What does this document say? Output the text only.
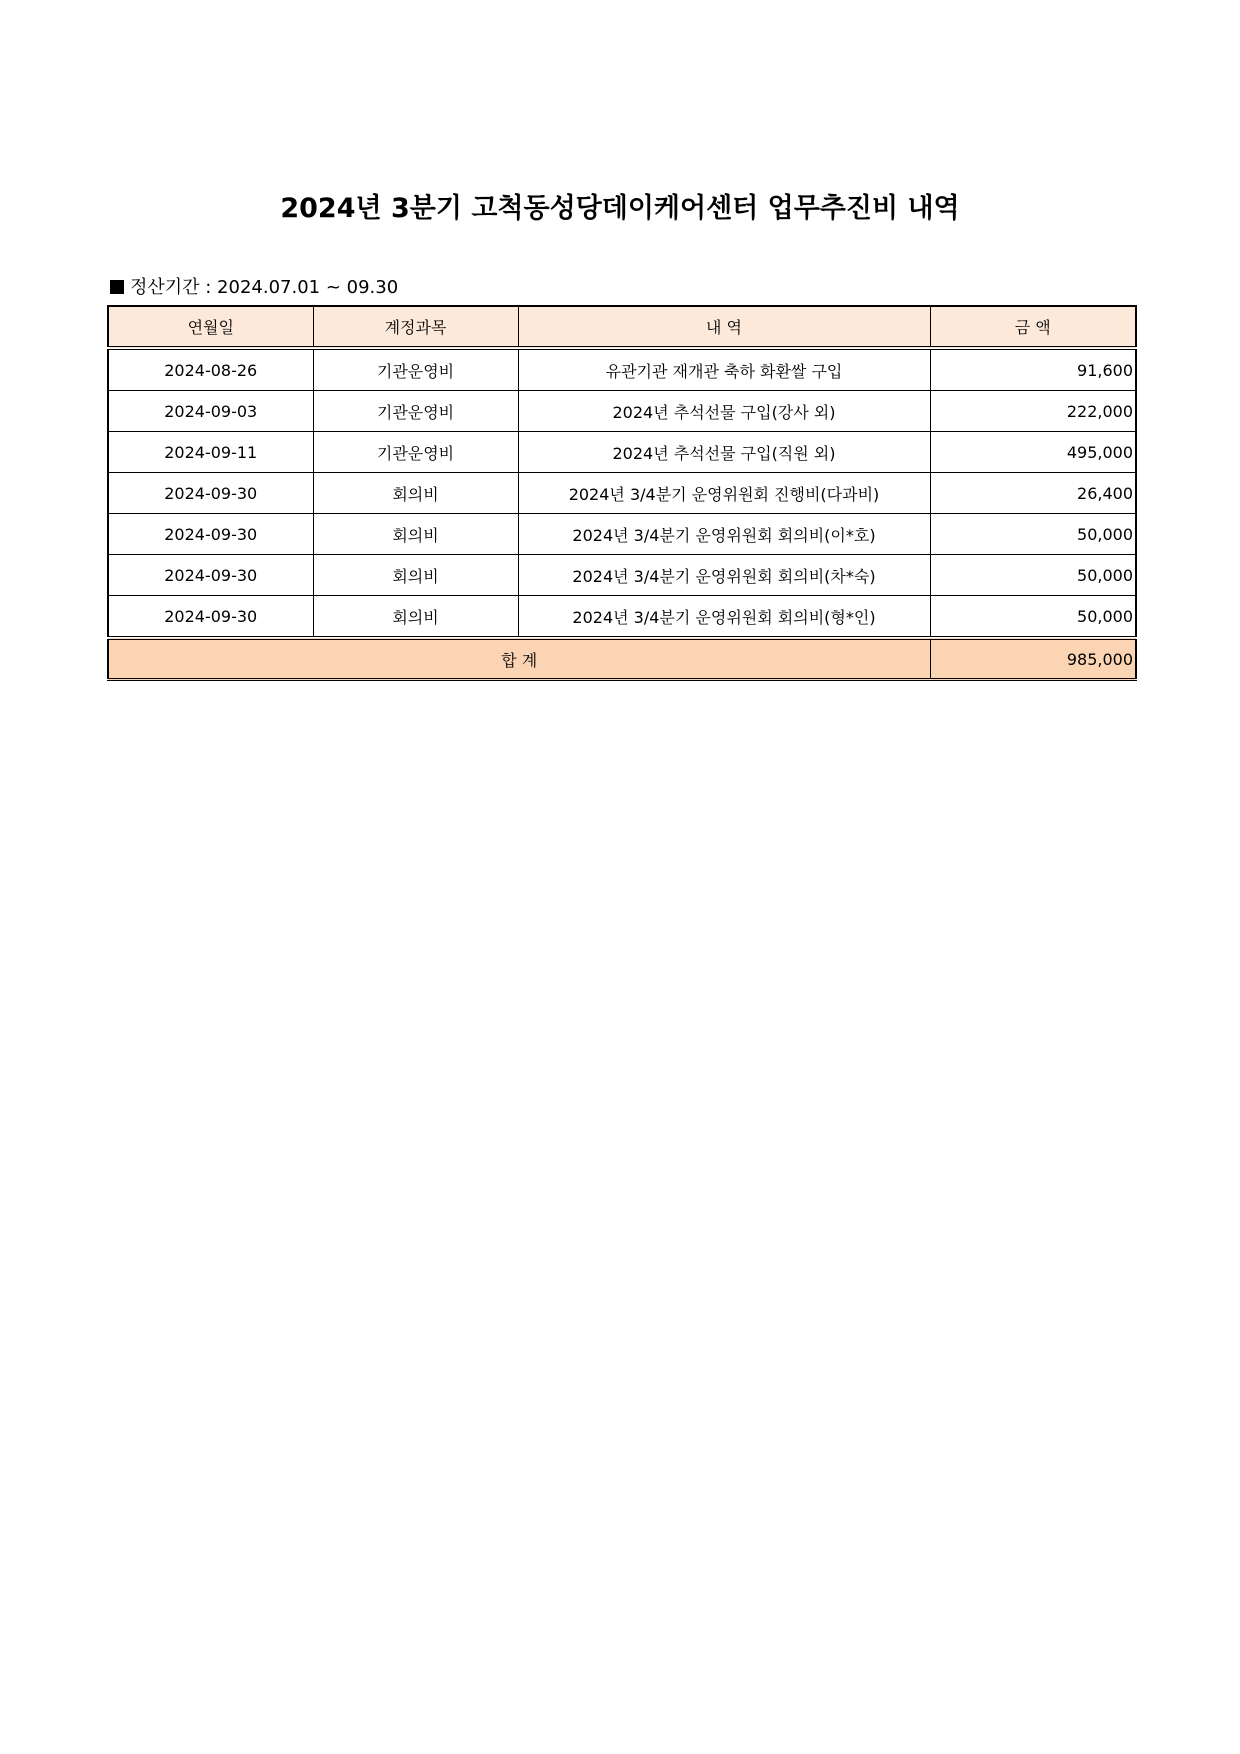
2024년 3분기 고척동성당데이케어센터 업무추진비 내역
정산기간 : 2024.07.01 ~ 09.30
연월일	계정과목	내 역	금 액
2024-08-26	기관운영비	유관기관 재개관 축하 화환쌀 구입	91,600
2024-09-03	기관운영비	2024년 추석선물 구입(강사 외)	222,000
2024-09-11	기관운영비	2024년 추석선물 구입(직원 외)	495,000
2024-09-30	회의비	2024년 3/4분기 운영위원회 진행비(다과비)	26,400
2024-09-30	회의비	2024년 3/4분기 운영위원회 회의비(이*호)	50,000
2024-09-30	회의비	2024년 3/4분기 운영위원회 회의비(차*숙)	50,000
2024-09-30	회의비	2024년 3/4분기 운영위원회 회의비(형*인)	50,000
합 계			985,000
